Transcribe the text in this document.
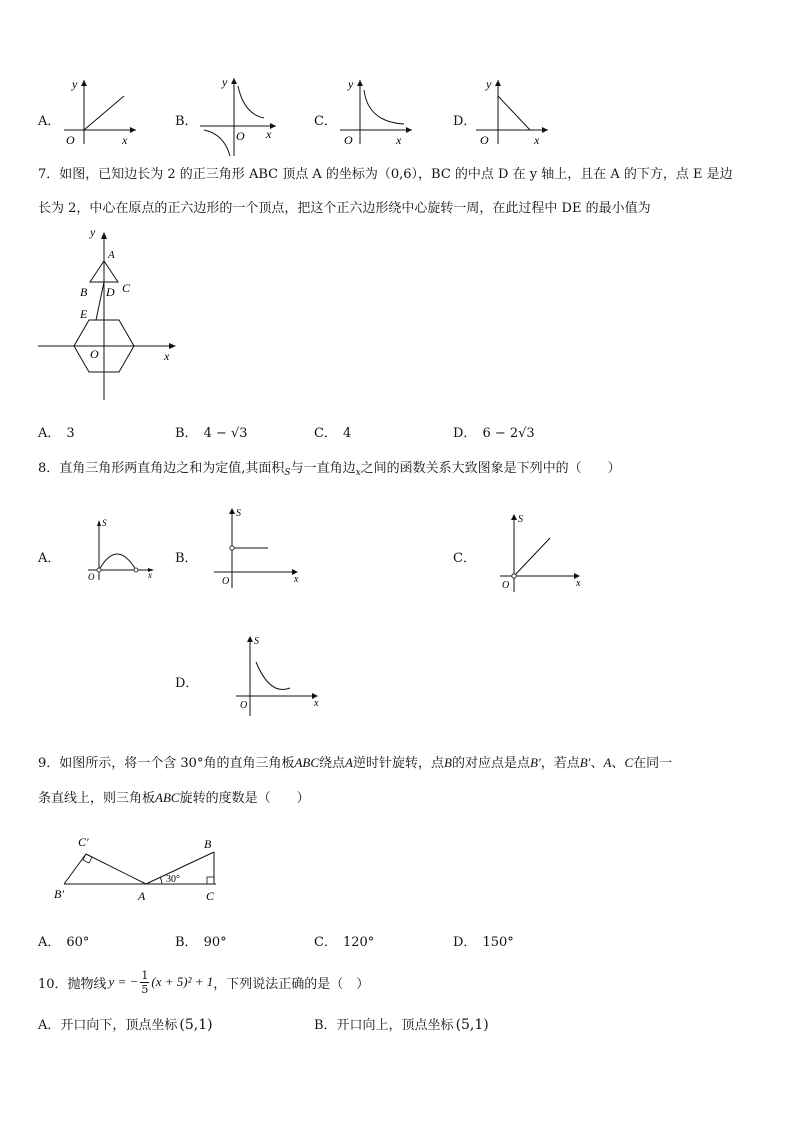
A．
y
x
O
B．
y
x
O
C．
y
x
O
D．
y
x
O
7．如图，已知边长为 2 的正三角形 ABC 顶点 A 的坐标为（0,6），BC 的中点 D 在 y 轴上，且在 A 的下方，点 E 是边
长为 2，中心在原点的正六边形的一个顶点，把这个正六边形绕中心旋转一周，在此过程中 DE 的最小值为
y
A
B D C
E
O	x
A． 3	B． 4 − √3	C． 4	D． 6 − 2√3
8．直角三角形两直角边之和为定值,其面积$_S$与一直角边$_x$之间的函数关系大致图象是下列中的（　　）
A．
S
x
O
B．
S
x
O
C．
S
x
O
D．
S
x
O
9．如图所示，将一个含 30°角的直角三角板ABC绕点A逆时针旋转，点B的对应点是点B'，若点B'、A、C在同一
条直线上，则三角板ABC旋转的度数是（　　）
C'	B
B'	A	C
30°
A． 60°	B． 90°	C． 120°	D． 150°
10．抛物线 y = − 1
5 (x + 5)² + 1 ，下列说法正确的是（　）
A．开口向下，顶点坐标 (5,1)	B．开口向上，顶点坐标 (5,1)
